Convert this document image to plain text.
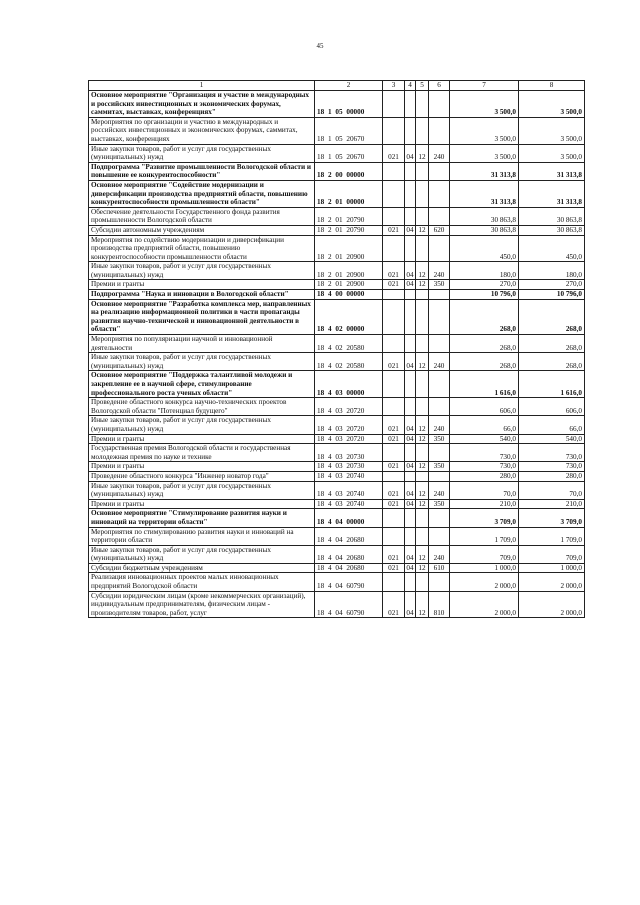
45
1	2	3	4	5	6	7	8
Основное мероприятие "Организация и участие в международных и российских инвестиционных и экономических форумах, саммитах, выставках, конференциях"	18 1 05 00000					3 500,0	3 500,0
Мероприятия по организации и участию в международных и российских инвестиционных и экономических форумах, саммитах, выставках, конференциях	18 1 05 20670					3 500,0	3 500,0
Иные закупки товаров, работ и услуг для государственных (муниципальных) нужд	18 1 05 20670	021	04	12	240	3 500,0	3 500,0
Подпрограмма "Развитие промышленности Вологодской области и повышение ее конкурентоспособности"	18 2 00 00000					31 313,8	31 313,8
Основное мероприятие "Содействие модернизации и диверсификации производства предприятий области, повышению конкурентоспособности промышленности области"	18 2 01 00000					31 313,8	31 313,8
Обеспечение деятельности Государственного фонда развития промышленности Вологодской области	18 2 01 20790					30 863,8	30 863,8
Субсидии автономным учреждениям	18 2 01 20790	021	04	12	620	30 863,8	30 863,8
Мероприятия по содействию модернизации и диверсификации производства предприятий области, повышению конкурентоспособности промышленности области	18 2 01 20900					450,0	450,0
Иные закупки товаров, работ и услуг для государственных (муниципальных) нужд	18 2 01 20900	021	04	12	240	180,0	180,0
Премии и гранты	18 2 01 20900	021	04	12	350	270,0	270,0
Подпрограмма "Наука и инновации в Вологодской области"	18 4 00 00000					10 796,0	10 796,0
Основное мероприятие "Разработка комплекса мер, направленных на реализацию информационной политики в части пропаганды развития научно-технической и инновационной деятельности в области"	18 4 02 00000					268,0	268,0
Мероприятия по популяризации научной и инновационной деятельности	18 4 02 20580					268,0	268,0
Иные закупки товаров, работ и услуг для государственных (муниципальных) нужд	18 4 02 20580	021	04	12	240	268,0	268,0
Основное мероприятие "Поддержка талантливой молодежи и закрепление ее в научной сфере, стимулирование профессионального роста ученых области"	18 4 03 00000					1 616,0	1 616,0
Проведение областного конкурса научно-технических проектов Вологодской области "Потенциал будущего"	18 4 03 20720					606,0	606,0
Иные закупки товаров, работ и услуг для государственных (муниципальных) нужд	18 4 03 20720	021	04	12	240	66,0	66,0
Премии и гранты	18 4 03 20720	021	04	12	350	540,0	540,0
Государственная премия Вологодской области и государственная молодежная премия по науке и технике	18 4 03 20730					730,0	730,0
Премии и гранты	18 4 03 20730	021	04	12	350	730,0	730,0
Проведение областного конкурса "Инженер новатор года"	18 4 03 20740					280,0	280,0
Иные закупки товаров, работ и услуг для государственных (муниципальных) нужд	18 4 03 20740	021	04	12	240	70,0	70,0
Премии и гранты	18 4 03 20740	021	04	12	350	210,0	210,0
Основное мероприятие "Стимулирование развития науки и инноваций на территории области"	18 4 04 00000					3 709,0	3 709,0
Мероприятия по стимулированию развития науки и инноваций на территории области	18 4 04 20680					1 709,0	1 709,0
Иные закупки товаров, работ и услуг для государственных (муниципальных) нужд	18 4 04 20680	021	04	12	240	709,0	709,0
Субсидии бюджетным учреждениям	18 4 04 20680	021	04	12	610	1 000,0	1 000,0
Реализация инновационных проектов малых инновационных предприятий Вологодской области	18 4 04 60790					2 000,0	2 000,0
Субсидии юридическим лицам (кроме некоммерческих организаций), индивидуальным предпринимателям, физическим лицам - производителям товаров, работ, услуг	18 4 04 60790	021	04	12	810	2 000,0	2 000,0
